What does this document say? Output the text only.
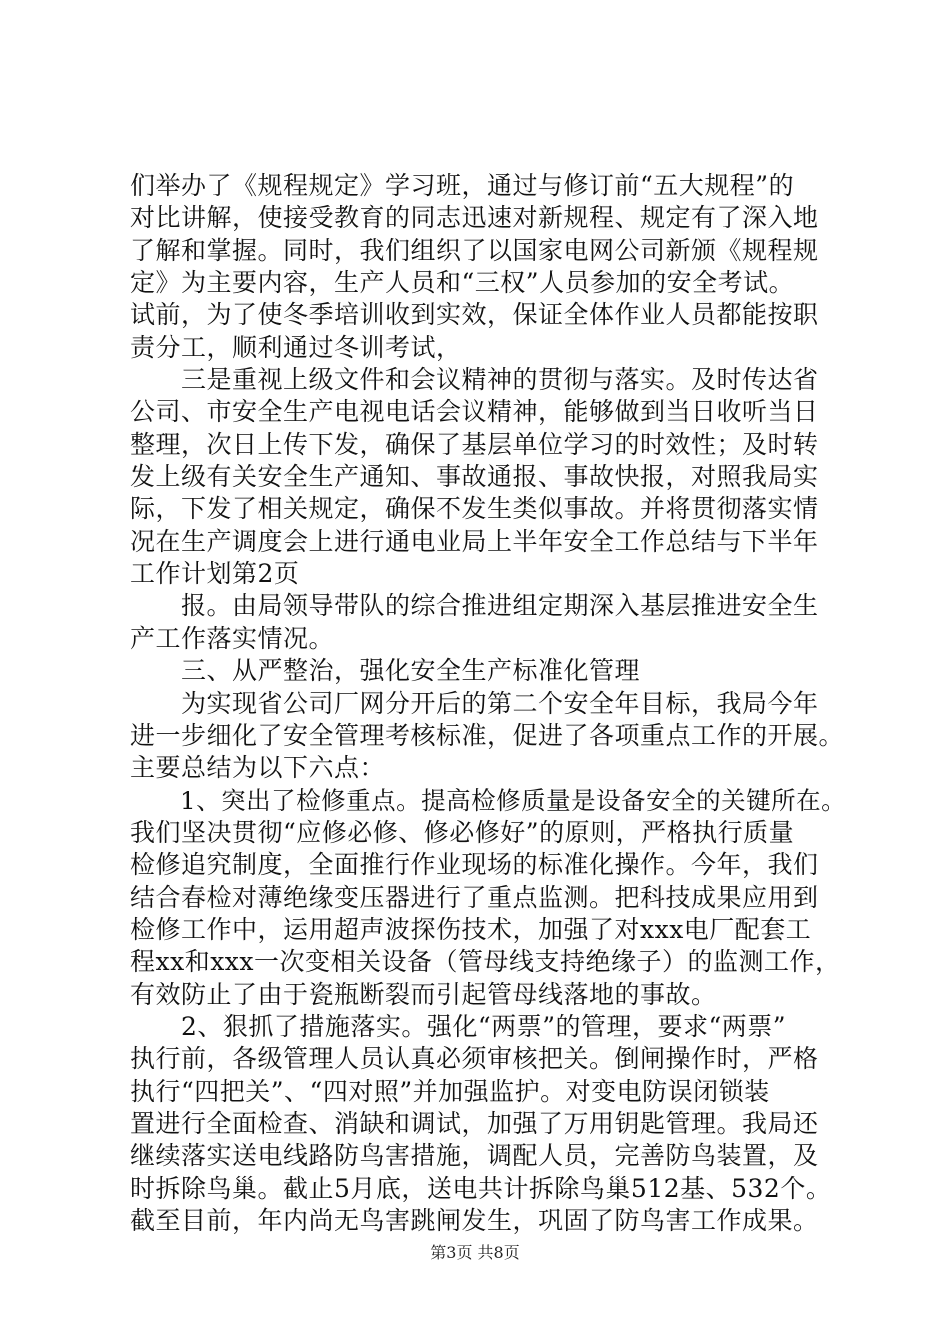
们举办了《规程规定》学习班，通过与修订前“五大规程”的
对比讲解，使接受教育的同志迅速对新规程、规定有了深入地
了解和掌握。同时，我们组织了以国家电网公司新颁《规程规
定》为主要内容，生产人员和“三权”人员参加的安全考试。
试前，为了使冬季培训收到实效，保证全体作业人员都能按职
责分工，顺利通过冬训考试，
　　三是重视上级文件和会议精神的贯彻与落实。及时传达省
公司、市安全生产电视电话会议精神，能够做到当日收听当日
整理，次日上传下发，确保了基层单位学习的时效性；及时转
发上级有关安全生产通知、事故通报、事故快报，对照我局实
际，下发了相关规定，确保不发生类似事故。并将贯彻落实情
况在生产调度会上进行通电业局上半年安全工作总结与下半年
工作计划第2页
　　报。由局领导带队的综合推进组定期深入基层推进安全生
产工作落实情况。
　　三、从严整治，强化安全生产标准化管理
　　为实现省公司厂网分开后的第二个安全年目标，我局今年
进一步细化了安全管理考核标准，促进了各项重点工作的开展。
主要总结为以下六点：
　　1、突出了检修重点。提高检修质量是设备安全的关键所在。
我们坚决贯彻“应修必修、修必修好”的原则，严格执行质量
检修追究制度，全面推行作业现场的标准化操作。今年，我们
结合春检对薄绝缘变压器进行了重点监测。把科技成果应用到
检修工作中，运用超声波探伤技术，加强了对xxx电厂配套工
程xx和xxx一次变相关设备（管母线支持绝缘子）的监测工作，
有效防止了由于瓷瓶断裂而引起管母线落地的事故。
　　2、狠抓了措施落实。强化“两票”的管理，要求“两票”
执行前，各级管理人员认真必须审核把关。倒闸操作时，严格
执行“四把关”、“四对照”并加强监护。对变电防误闭锁装
置进行全面检查、消缺和调试，加强了万用钥匙管理。我局还
继续落实送电线路防鸟害措施，调配人员，完善防鸟装置，及
时拆除鸟巢。截止5月底，送电共计拆除鸟巢512基、532个。
截至目前，年内尚无鸟害跳闸发生，巩固了防鸟害工作成果。
第3页 共8页
